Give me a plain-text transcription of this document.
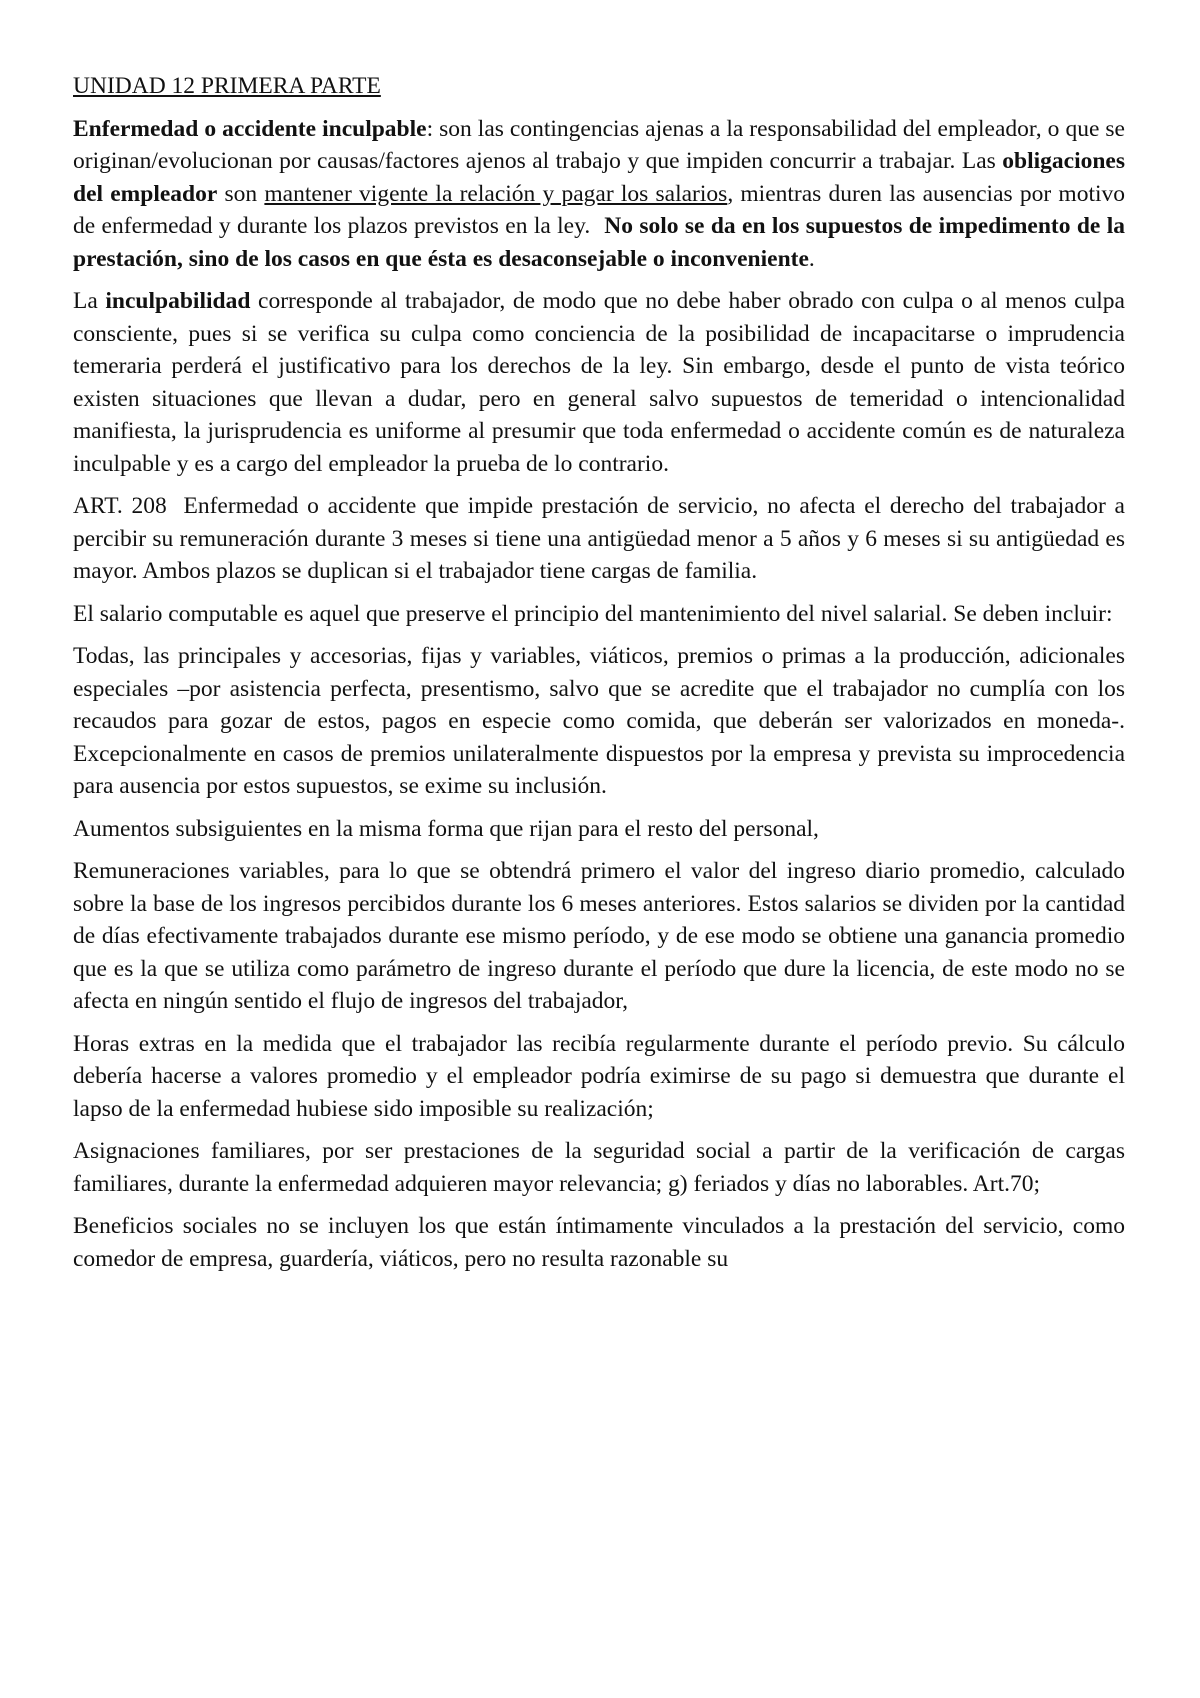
UNIDAD 12 PRIMERA PARTE

Enfermedad o accidente inculpable: son las contingencias ajenas a la responsabilidad del empleador, o que se originan/evolucionan por causas/factores ajenos al trabajo y que impiden concurrir a trabajar. Las obligaciones del empleador son mantener vigente la relación y pagar los salarios, mientras duren las ausencias por motivo de enfermedad y durante los plazos previstos en la ley. No solo se da en los supuestos de impedimento de la prestación, sino de los casos en que ésta es desaconsejable o inconveniente.

La inculpabilidad corresponde al trabajador, de modo que no debe haber obrado con culpa o al menos culpa consciente, pues si se verifica su culpa como conciencia de la posibilidad de incapacitarse o imprudencia temeraria perderá el justificativo para los derechos de la ley. Sin embargo, desde el punto de vista teórico existen situaciones que llevan a dudar, pero en general salvo supuestos de temeridad o intencionalidad manifiesta, la jurisprudencia es uniforme al presumir que toda enfermedad o accidente común es de naturaleza inculpable y es a cargo del empleador la prueba de lo contrario.

ART. 208 Enfermedad o accidente que impide prestación de servicio, no afecta el derecho del trabajador a percibir su remuneración durante 3 meses si tiene una antigüedad menor a 5 años y 6 meses si su antigüedad es mayor. Ambos plazos se duplican si el trabajador tiene cargas de familia.

El salario computable es aquel que preserve el principio del mantenimiento del nivel salarial. Se deben incluir:

Todas, las principales y accesorias, fijas y variables, viáticos, premios o primas a la producción, adicionales especiales –por asistencia perfecta, presentismo, salvo que se acredite que el trabajador no cumplía con los recaudos para gozar de estos, pagos en especie como comida, que deberán ser valorizados en moneda-. Excepcionalmente en casos de premios unilateralmente dispuestos por la empresa y prevista su improcedencia para ausencia por estos supuestos, se exime su inclusión.

Aumentos subsiguientes en la misma forma que rijan para el resto del personal,

Remuneraciones variables, para lo que se obtendrá primero el valor del ingreso diario promedio, calculado sobre la base de los ingresos percibidos durante los 6 meses anteriores. Estos salarios se dividen por la cantidad de días efectivamente trabajados durante ese mismo período, y de ese modo se obtiene una ganancia promedio que es la que se utiliza como parámetro de ingreso durante el período que dure la licencia, de este modo no se afecta en ningún sentido el flujo de ingresos del trabajador,

Horas extras en la medida que el trabajador las recibía regularmente durante el período previo. Su cálculo debería hacerse a valores promedio y el empleador podría eximirse de su pago si demuestra que durante el lapso de la enfermedad hubiese sido imposible su realización;

Asignaciones familiares, por ser prestaciones de la seguridad social a partir de la verificación de cargas familiares, durante la enfermedad adquieren mayor relevancia; g) feriados y días no laborables. Art.70;

Beneficios sociales no se incluyen los que están íntimamente vinculados a la prestación del servicio, como comedor de empresa, guardería, viáticos, pero no resulta razonable su
